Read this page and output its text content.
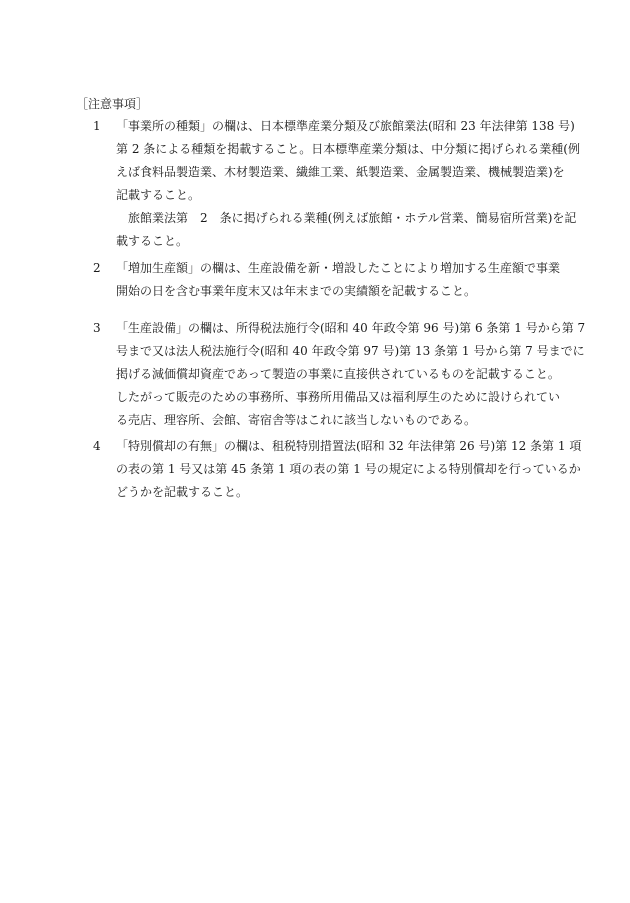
［注意事項］
1 「事業所の種類」の欄は、日本標準産業分類及び旅館業法(昭和 23 年法律第 138 号)
第 2 条による種類を掲載すること。日本標準産業分類は、中分類に掲げられる業種(例
えば食料品製造業、木材製造業、繊維工業、紙製造業、金属製造業、機械製造業)を
記載すること。
旅館業法第　2　条に掲げられる業種(例えば旅館・ホテル営業、簡易宿所営業)を記
載すること。
2 「増加生産額」の欄は、生産設備を新・増設したことにより増加する生産額で事業
開始の日を含む事業年度末又は年末までの実績額を記載すること。
3 「生産設備」の欄は、所得税法施行令(昭和 40 年政令第 96 号)第 6 条第 1 号から第 7
号まで又は法人税法施行令(昭和 40 年政令第 97 号)第 13 条第 1 号から第 7 号までに
掲げる減価償却資産であって製造の事業に直接供されているものを記載すること。
したがって販売のための事務所、事務所用備品又は福利厚生のために設けられてい
る売店、理容所、会館、寄宿舎等はこれに該当しないものである。
4 「特別償却の有無」の欄は、租税特別措置法(昭和 32 年法律第 26 号)第 12 条第 1 項
の表の第 1 号又は第 45 条第 1 項の表の第 1 号の規定による特別償却を行っているか
どうかを記載すること。
